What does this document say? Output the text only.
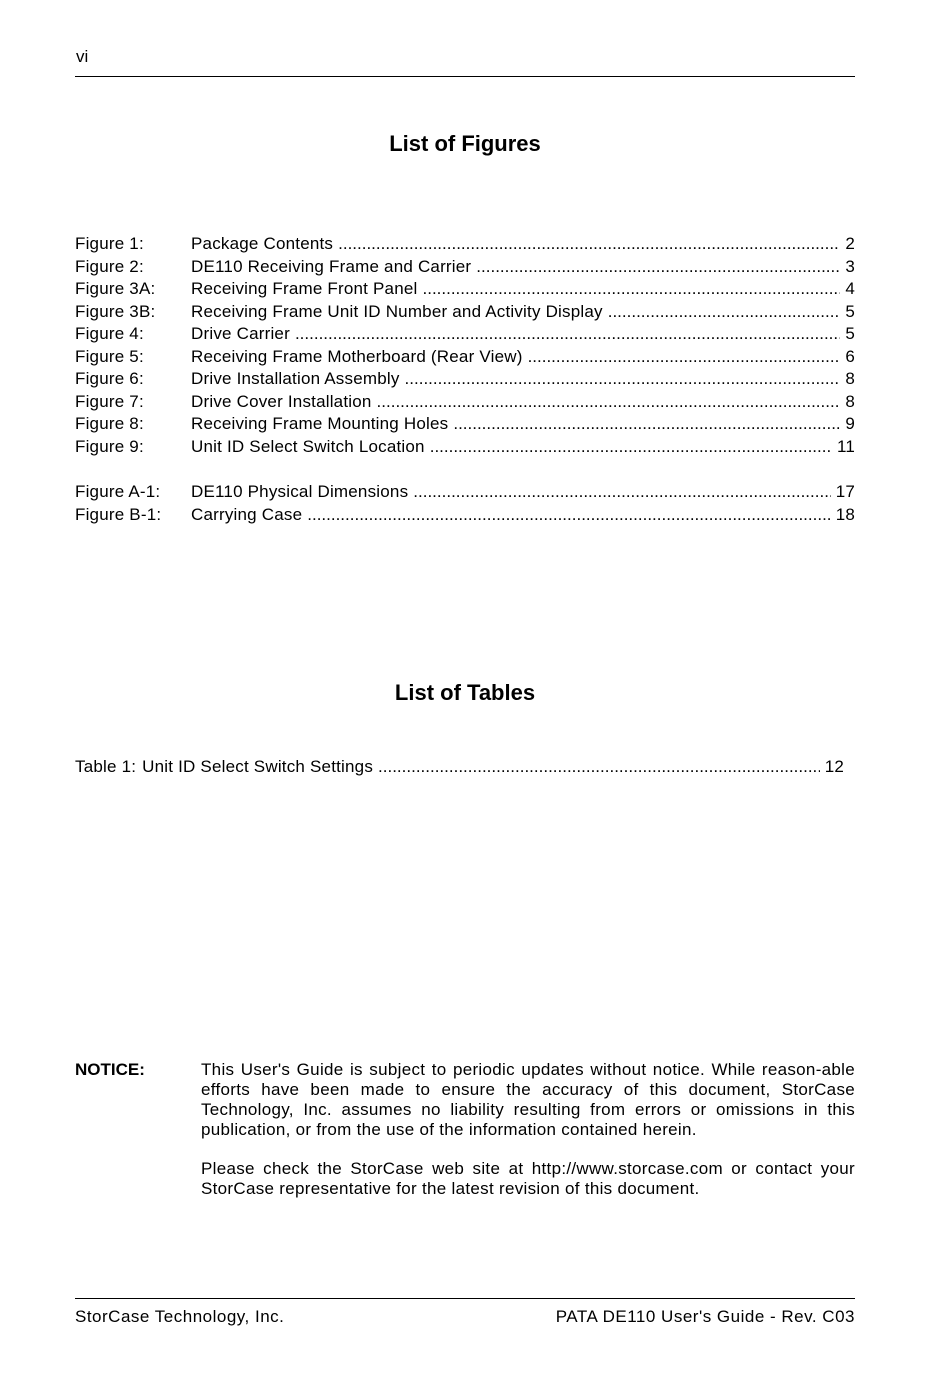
vi
List of Figures
Figure 1:	Package Contents .....	2
Figure 2:	DE110 Receiving Frame and Carrier .....	3
Figure 3A: Receiving Frame Front Panel .....	4
Figure 3B: Receiving Frame Unit ID Number and Activity Display .....	5
Figure 4:	Drive Carrier .....	5
Figure 5:	Receiving Frame Motherboard (Rear View) .....	6
Figure 6:	Drive Installation Assembly .....	8
Figure 7:	Drive Cover Installation .....	8
Figure 8:	Receiving Frame Mounting Holes .....	9
Figure 9:	Unit ID Select Switch Location .....	11
Figure A-1: DE110 Physical Dimensions .....	17
Figure B-1: Carrying Case .....	18
List of Tables
Table 1: Unit ID Select Switch Settings .....	12
NOTICE:	This User's Guide is subject to periodic updates without notice. While reason-able efforts have been made to ensure the accuracy of this document, StorCase Technology, Inc. assumes no liability resulting from errors or omissions in this publication, or from the use of the information contained herein.
Please check the StorCase web site at http://www.storcase.com or contact your StorCase representative for the latest revision of this document.
StorCase Technology, Inc.	PATA DE110 User's Guide - Rev. C03
